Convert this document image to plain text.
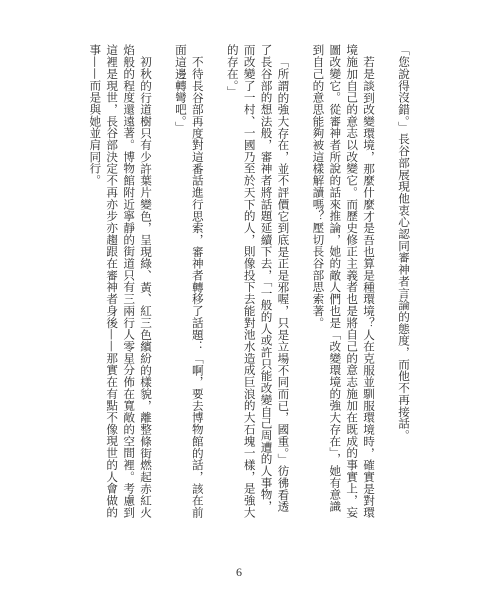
「您說得沒錯。」長谷部展現他衷心認同審神者言論的態度，而他不再接話。

若是談到改變環境，那麼什麼才是吾也算是種環境？人在克服並馴服環境時，確實是對環境施加自己的意志以改變它。而歷史修正主義者也是將自己的意志施加在既成的事實上，妄圖改變它。從審神者所說的話來推論，她的敵人們也是「改變環境的強大存在」，她有意識到自己的意思能夠被這樣解讀嗎？壓切長谷部思索著。

「所謂的強大存在，並不評價它到底是正是邪喔，只是立場不同而已，國重。」彷彿看透了長谷部的想法般，審神者將話題延續下去，「一般的人或許只能改變自己周遭的人事物，而改變了一村、一國乃至於天下的人，則像投下去能對池水造成巨浪的大石塊一樣，是強大的存在。」

不待長谷部再度對這番話進行思索，審神者轉移了話題：「啊，要去博物館的話，該在前面這邊轉彎吧。」

初秋的行道樹只有少許葉片變色，呈現綠、黃、紅三色繽紛的樣貌，離整條街燃起赤紅火焰般的程度還遠著。博物館附近寧靜的街道只有三兩行人零星分佈在寬敞的空間裡。考慮到這裡是現世，長谷部決定不再亦步亦趨跟在審神者身後——那實在有點不像現世的人會做的事——而是與她並肩同行。

6
